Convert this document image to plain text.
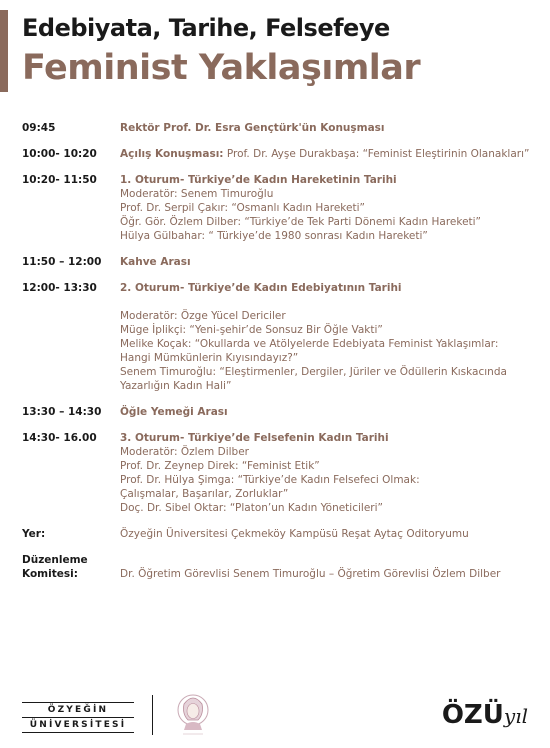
Edebiyata, Tarihe, Felsefeye
Feminist Yaklaşımlar
09:45	Rektör Prof. Dr. Esra Gençtürk'ün Konuşması
10:00- 10:20	Açılış Konuşması: Prof. Dr. Ayşe Durakbaşa: “Feminist Eleştirinin Olanakları”
10:20- 11:50	1. Oturum- Türkiye’de Kadın Hareketinin Tarihi
Moderatör: Senem Timuroğlu
Prof. Dr. Serpil Çakır: “Osmanlı Kadın Hareketi”
Öğr. Gör. Özlem Dilber: “Türkiye’de Tek Parti Dönemi Kadın Hareketi”
Hülya Gülbahar: “ Türkiye’de 1980 sonrası Kadın Hareketi”
11:50 – 12:00	Kahve Arası
12:00- 13:30	2. Oturum- Türkiye’de Kadın Edebiyatının Tarihi
Moderatör: Özge Yücel Dericiler
Müge İplikçi: “Yeni-şehir’de Sonsuz Bir Öğle Vakti”
Melike Koçak: “Okullarda ve Atölyelerde Edebiyata Feminist Yaklaşımlar:
Hangi Mümkünlerin Kıyısındayız?”
Senem Timuroğlu: “Eleştirmenler, Dergiler, Jüriler ve Ödüllerin Kıskacında
Yazarlığın Kadın Hali”
13:30 – 14:30	Öğle Yemeği Arası
14:30- 16.00	3. Oturum- Türkiye’de Felsefenin Kadın Tarihi
Moderatör: Özlem Dilber
Prof. Dr. Zeynep Direk: “Feminist Etik”
Prof. Dr. Hülya Şimga: “Türkiye’de Kadın Felsefeci Olmak:
Çalışmalar, Başarılar, Zorluklar”
Doç. Dr. Sibel Oktar: “Platon’un Kadın Yöneticileri”
Yer:	Özyeğin Üniversitesi Çekmeköy Kampüsü Reşat Aytaç Oditoryumu
Düzenleme
Komitesi:	Dr. Öğretim Görevlisi Senem Timuroğlu – Öğretim Görevlisi Özlem Dilber
ÖZYEĞİN
ÜNİVERSİTESİ	ÖZÜyıl
